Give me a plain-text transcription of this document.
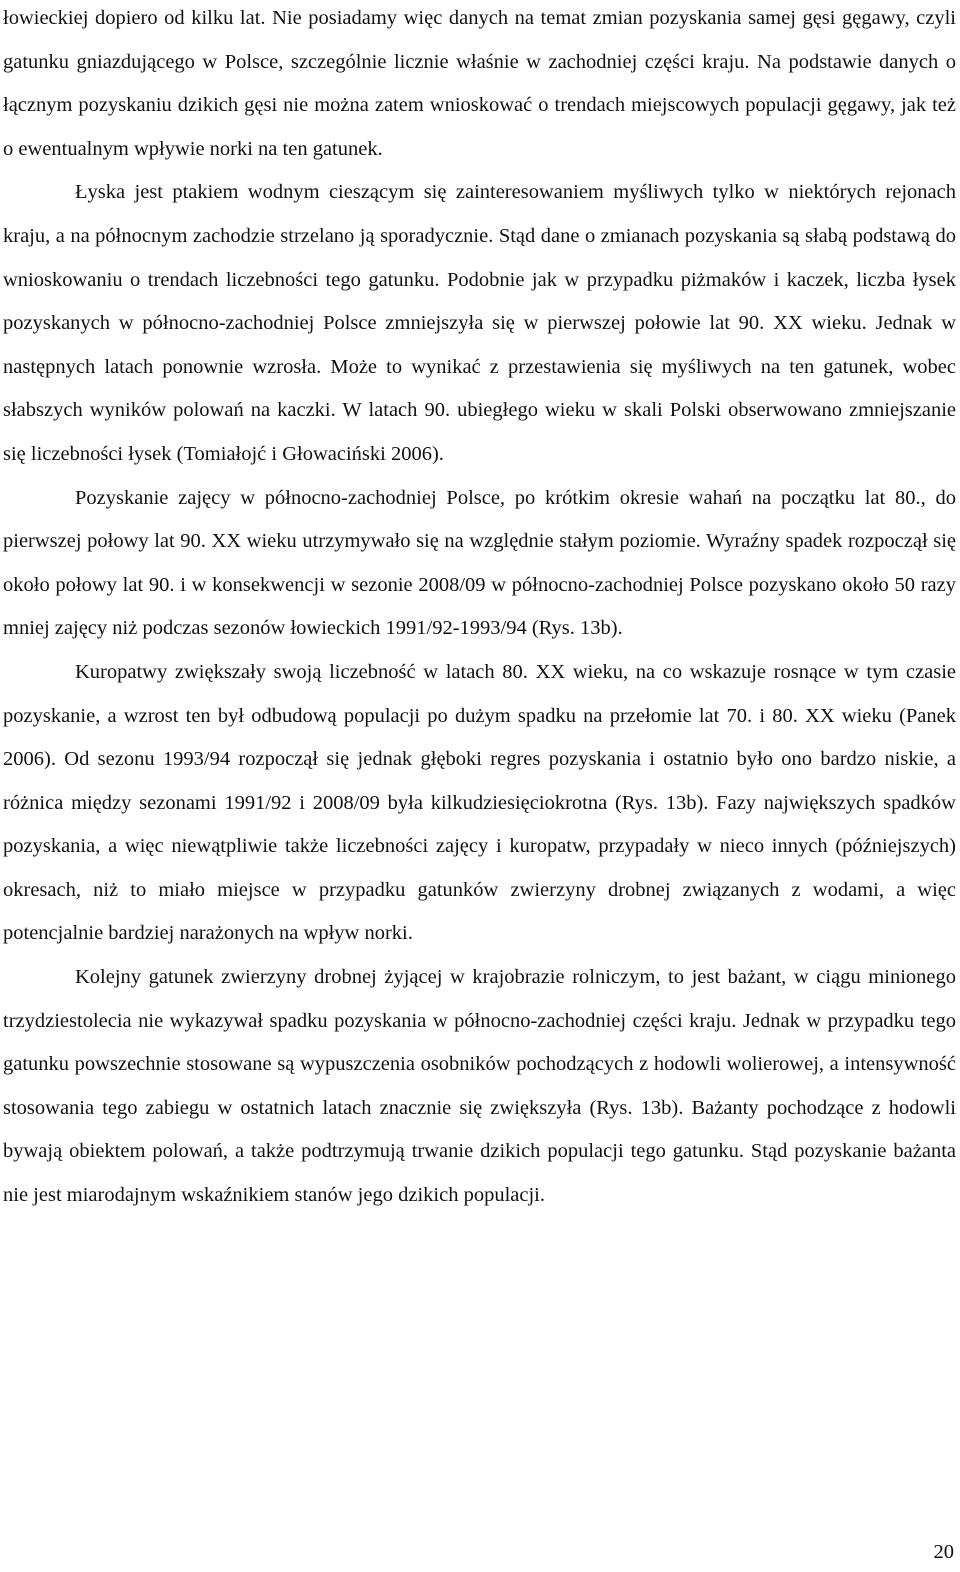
łowieckiej dopiero od kilku lat. Nie posiadamy więc danych na temat zmian pozyskania samej gęsi gęgawy, czyli gatunku gniazdującego w Polsce, szczególnie licznie właśnie w zachodniej części kraju. Na podstawie danych o łącznym pozyskaniu dzikich gęsi nie można zatem wnioskować o trendach miejscowych populacji gęgawy, jak też o ewentualnym wpływie norki na ten gatunek.

Łyska jest ptakiem wodnym cieszącym się zainteresowaniem myśliwych tylko w niektórych rejonach kraju, a na północnym zachodzie strzelano ją sporadycznie. Stąd dane o zmianach pozyskania są słabą podstawą do wnioskowaniu o trendach liczebności tego gatunku. Podobnie jak w przypadku piżmaków i kaczek, liczba łysek pozyskanych w północno-zachodniej Polsce zmniejszyła się w pierwszej połowie lat 90. XX wieku. Jednak w następnych latach ponownie wzrosła. Może to wynikać z przestawienia się myśliwych na ten gatunek, wobec słabszych wyników polowań na kaczki. W latach 90. ubiegłego wieku w skali Polski obserwowano zmniejszanie się liczebności łysek (Tomiałojć i Głowaciński 2006).

Pozyskanie zajęcy w północno-zachodniej Polsce, po krótkim okresie wahań na początku lat 80., do pierwszej połowy lat 90. XX wieku utrzymywało się na względnie stałym poziomie. Wyraźny spadek rozpoczął się około połowy lat 90. i w konsekwencji w sezonie 2008/09 w północno-zachodniej Polsce pozyskano około 50 razy mniej zajęcy niż podczas sezonów łowieckich 1991/92-1993/94 (Rys. 13b).

Kuropatwy zwiększały swoją liczebność w latach 80. XX wieku, na co wskazuje rosnące w tym czasie pozyskanie, a wzrost ten był odbudową populacji po dużym spadku na przełomie lat 70. i 80. XX wieku (Panek 2006). Od sezonu 1993/94 rozpoczął się jednak głęboki regres pozyskania i ostatnio było ono bardzo niskie, a różnica między sezonami 1991/92 i 2008/09 była kilkudziesięciokrotna (Rys. 13b). Fazy największych spadków pozyskania, a więc niewątpliwie także liczebności zajęcy i kuropatw, przypadały w nieco innych (późniejszych) okresach, niż to miało miejsce w przypadku gatunków zwierzyny drobnej związanych z wodami, a więc potencjalnie bardziej narażonych na wpływ norki.

Kolejny gatunek zwierzyny drobnej żyjącej w krajobrazie rolniczym, to jest bażant, w ciągu minionego trzydziestolecia nie wykazywał spadku pozyskania w północno-zachodniej części kraju. Jednak w przypadku tego gatunku powszechnie stosowane są wypuszczenia osobników pochodzących z hodowli wolierowej, a intensywność stosowania tego zabiegu w ostatnich latach znacznie się zwiększyła (Rys. 13b). Bażanty pochodzące z hodowli bywają obiektem polowań, a także podtrzymują trwanie dzikich populacji tego gatunku. Stąd pozyskanie bażanta nie jest miarodajnym wskaźnikiem stanów jego dzikich populacji.

20
